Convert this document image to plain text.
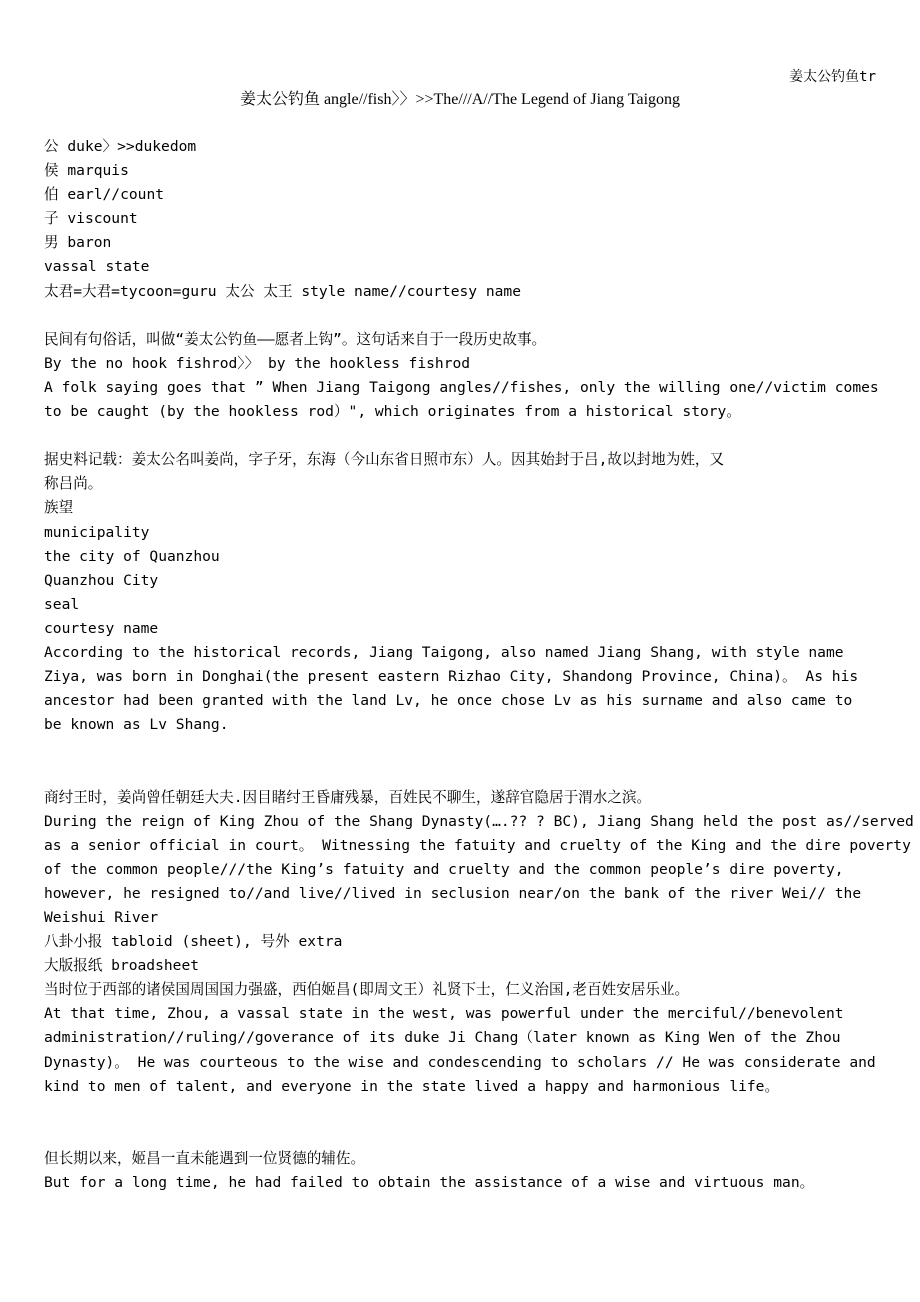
姜太公钓鱼tr
姜太公钓鱼 angle//fish〉〉>>The///A//The Legend of Jiang Taigong
公 duke〉>>dukedom
侯 marquis
伯 earl//count
子 viscount
男 baron
vassal state
太君=大君=tycoon=guru 太公 太王 style name//courtesy name
民间有句俗话，叫做“姜太公钓鱼——愿者上钩”。这句话来自于一段历史故事。
By the no hook fishrod〉〉 by the hookless fishrod
A folk saying goes that ” When Jiang Taigong angles//fishes, only the willing one//victim comes
to be caught (by the hookless rod）", which originates from a historical story。
据史料记载：姜太公名叫姜尚，字子牙，东海（今山东省日照市东）人。因其始封于吕,故以封地为姓，又
称吕尚。
族望
municipality
the city of Quanzhou
Quanzhou City
seal
courtesy name
According to the historical records, Jiang Taigong, also named Jiang Shang, with style name
Ziya, was born in Donghai(the present eastern Rizhao City, Shandong Province, China)。 As his
ancestor had been granted with the land Lv, he once chose Lv as his surname and also came to
be known as Lv Shang.
商纣王时，姜尚曾任朝廷大夫.因目睹纣王昏庸残暴，百姓民不聊生，遂辞官隐居于渭水之滨。
During the reign of King Zhou of the Shang Dynasty(….?? ? BC), Jiang Shang held the post as//served
as a senior official in court。 Witnessing the fatuity and cruelty of the King and the dire poverty
of the common people///the King’s fatuity and cruelty and the common people’s dire poverty,
however, he resigned to//and live//lived in seclusion near/on the bank of the river Wei// the
Weishui River
八卦小报 tabloid (sheet), 号外 extra
大版报纸 broadsheet
当时位于西部的诸侯国周国国力强盛，西伯姬昌(即周文王）礼贤下士，仁义治国,老百姓安居乐业。
At that time, Zhou, a vassal state in the west, was powerful under the merciful//benevolent
administration//ruling//goverance of its duke Ji Chang（later known as King Wen of the Zhou
Dynasty)。 He was courteous to the wise and condescending to scholars // He was considerate and
kind to men of talent, and everyone in the state lived a happy and harmonious life。
但长期以来，姬昌一直未能遇到一位贤德的辅佐。
But for a long time, he had failed to obtain the assistance of a wise and virtuous man。
